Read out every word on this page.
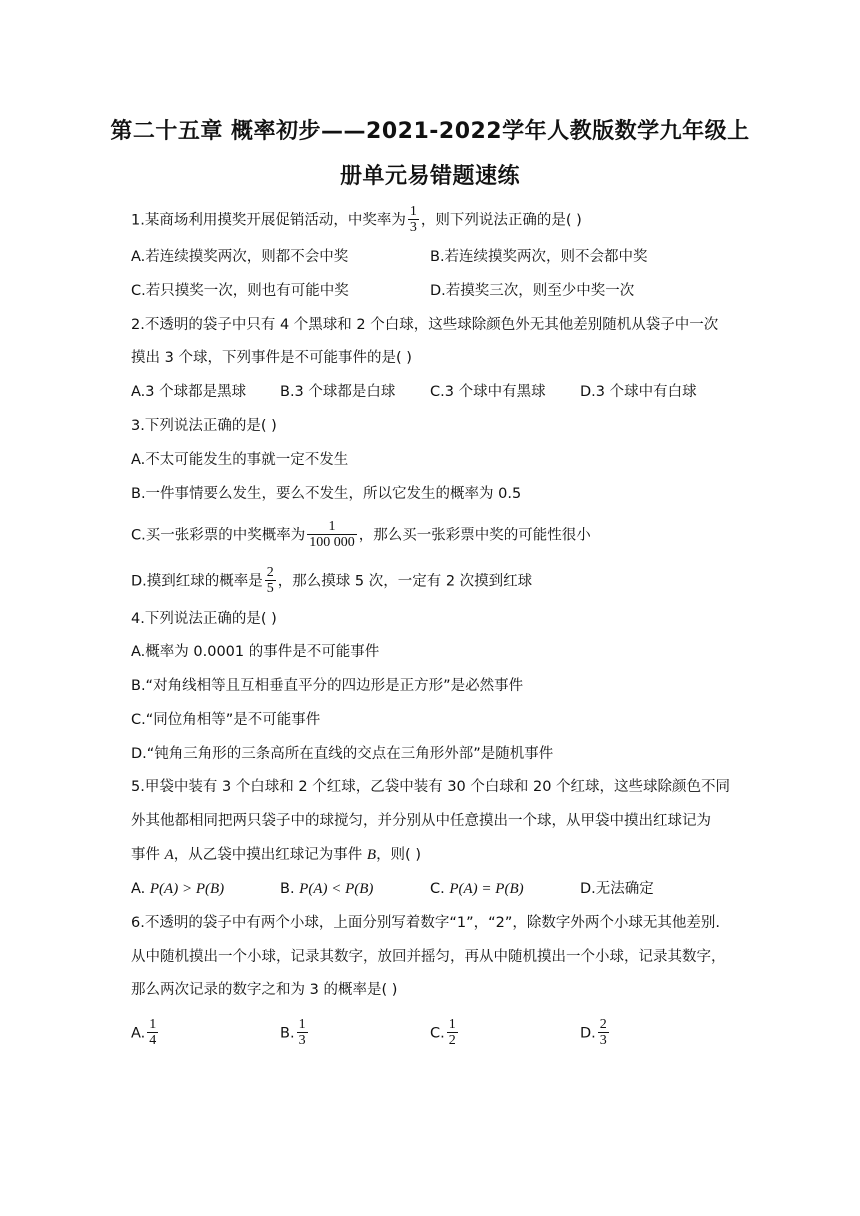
第二十五章 概率初步——2021-2022学年人教版数学九年级上
册单元易错题速练
1.某商场利用摸奖开展促销活动，中奖率为 $\frac{1}{3}$ ，则下列说法正确的是( )
A.若连续摸奖两次，则都不会中奖	B.若连续摸奖两次，则不会都中奖
C.若只摸奖一次，则也有可能中奖	D.若摸奖三次，则至少中奖一次
2.不透明的袋子中只有 4 个黑球和 2 个白球，这些球除颜色外无其他差别随机从袋子中一次
摸出 3 个球，下列事件是不可能事件的是( )
A.3 个球都是黑球 B.3 个球都是白球 C.3 个球中有黑球 D.3 个球中有白球
3.下列说法正确的是( )
A.不太可能发生的事就一定不发生
B.一件事情要么发生，要么不发生，所以它发生的概率为 0.5
C.买一张彩票的中奖概率为 $\frac{1}{100 000}$ ，那么买一张彩票中奖的可能性很小
D.摸到红球的概率是 $\frac{2}{5}$ ，那么摸球 5 次，一定有 2 次摸到红球
4.下列说法正确的是( )
A.概率为 0.0001 的事件是不可能事件
B.“对角线相等且互相垂直平分的四边形是正方形”是必然事件
C.“同位角相等”是不可能事件
D.“钝角三角形的三条高所在直线的交点在三角形外部”是随机事件
5.甲袋中装有 3 个白球和 2 个红球，乙袋中装有 30 个白球和 20 个红球，这些球除颜色不同
外其他都相同把两只袋子中的球搅匀，并分别从中任意摸出一个球，从甲袋中摸出红球记为
事件 A，从乙袋中摸出红球记为事件 B，则( )
A. P(A) > P(B)	B. P(A) < P(B)	C. P(A) = P(B)	D.无法确定
6.不透明的袋子中有两个小球，上面分别写着数字“1”，“2”，除数字外两个小球无其他差别.
从中随机摸出一个小球，记录其数字，放回并摇匀，再从中随机摸出一个小球，记录其数字，
那么两次记录的数字之和为 3 的概率是( )
A. $\frac{1}{4}$	B. $\frac{1}{3}$	C. $\frac{1}{2}$	D. $\frac{2}{3}$
